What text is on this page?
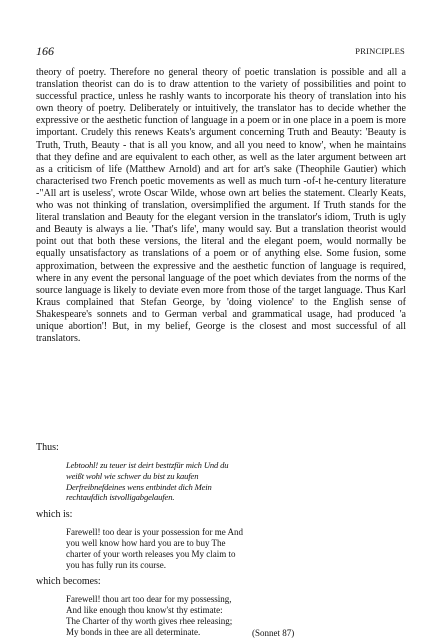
166	PRINCIPLES
theory of poetry. Therefore no general theory of poetic translation is possible and all a translation theorist can do is to draw attention to the variety of possibilities and point to successful practice, unless he rashly wants to incorporate his theory of translation into his own theory of poetry. Deliberately or intuitively, the translator has to decide whether the expressive or the aesthetic function of language in a poem or in one place in a poem is more important. Crudely this renews Keats's argument concerning Truth and Beauty: 'Beauty is Truth, Truth, Beauty - that is all you know, and all you need to know', when he maintains that they define and are equivalent to each other, as well as the later argument between art as a criticism of life (Matthew Arnold) and art for art's sake (Theophile Gautier) which characterised two French poetic movements as well as much turn -of-t he-century literature -"All art is useless', wrote Oscar Wilde, whose own art belies the statement. Clearly Keats, who was not thinking of translation, oversimplified the argument. If Truth stands for the literal translation and Beauty for the elegant version in the translator's idiom, Truth is ugly and Beauty is always a lie. 'That's life', many would say. But a translation theorist would point out that both these versions, the literal and the elegant poem, would normally be equally unsatisfactory as translations of a poem or of anything else. Some fusion, some approximation, between the expressive and the aesthetic function of language is required, where in any event the personal language of the poet which deviates from the norms of the source language is likely to deviate even more from those of the target language. Thus Karl Kraus complained that Stefan George, by 'doing violence' to the English sense of Shakespeare's sonnets and to German verbal and grammatical usage, had produced 'a unique abortion'! But, in my belief, George is the closest and most successful of all translators.
Thus:
Lebtoohl! zu teuer ist deirt besttzfür mich Und du
weißt wohl wie schwer du bist zu kaufen
Derfreibnefdeines wens entbindet dich Mein
rechtaufdich istvolligabgelaufen.
which is:
Farewell! too dear is your possession for me And
you well know how hard you are to buy The
charter of your worth releases you My claim to
you has fully run its course.
which becomes:
Farewell! thou art too dear for my possessing,
And like enough thou know'st thy estimate:
The Charter of thy worth gives rhee releasing;
My bonds in thee are all determinate.	(Sonnet 87)
